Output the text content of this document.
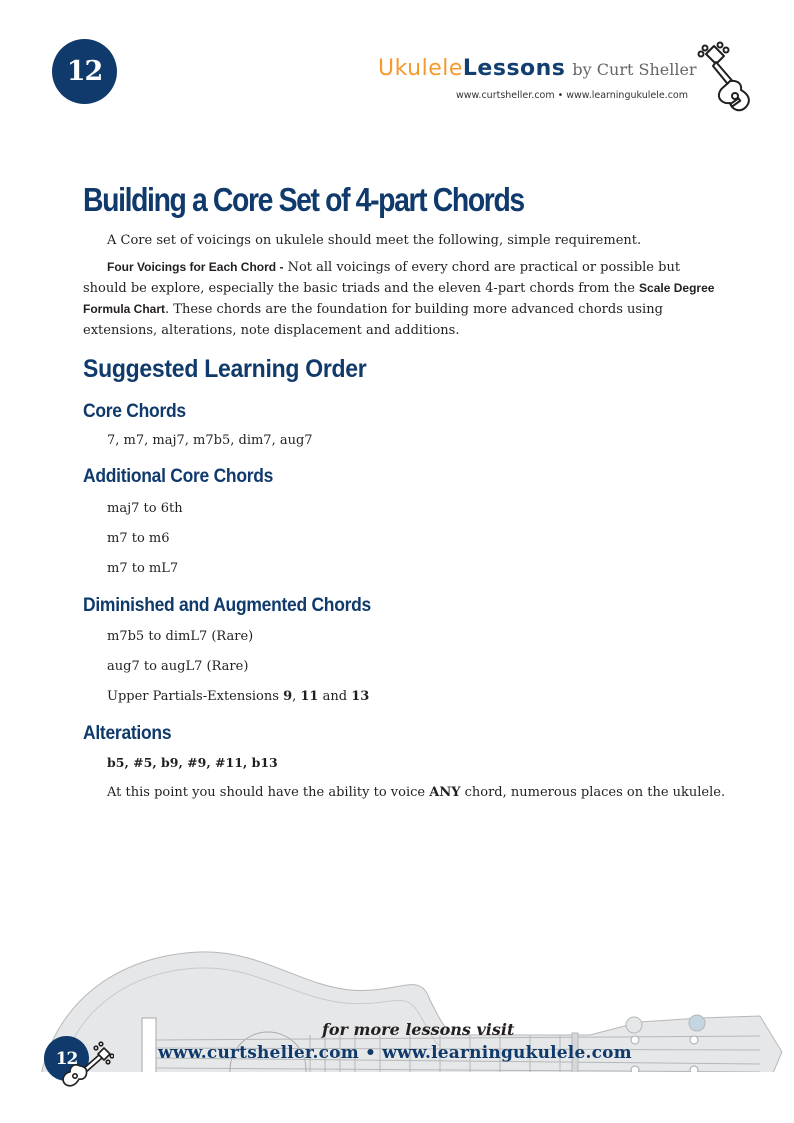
12	Ukulele Lessons by Curt Sheller
www.curtsheller.com • www.learningukulele.com
Building a Core Set of 4-part Chords

A Core set of voicings on ukulele should meet the following, simple requirement.

Four Voicings for Each Chord - Not all voicings of every chord are practical or possible but should be explore, especially the basic triads and the eleven 4-part chords from the Scale Degree Formula Chart. These chords are the foundation for building more advanced chords using extensions, alterations, note displacement and additions.

Suggested Learning Order
Core Chords

7, m7, maj7, m7b5, dim7, aug7

Additional Core Chords

maj7 to 6th

m7 to m6

m7 to mL7

Diminished and Augmented Chords

m7b5 to dimL7 (Rare)

aug7 to augL7 (Rare)

Upper Partials-Extensions 9, 11 and 13

Alterations

b5, #5, b9, #9, #11, b13

At this point you should have the ability to voice ANY chord, numerous places on the ukulele.

for more lessons visit
www.curtsheller.com • www.learningukulele.com
12
